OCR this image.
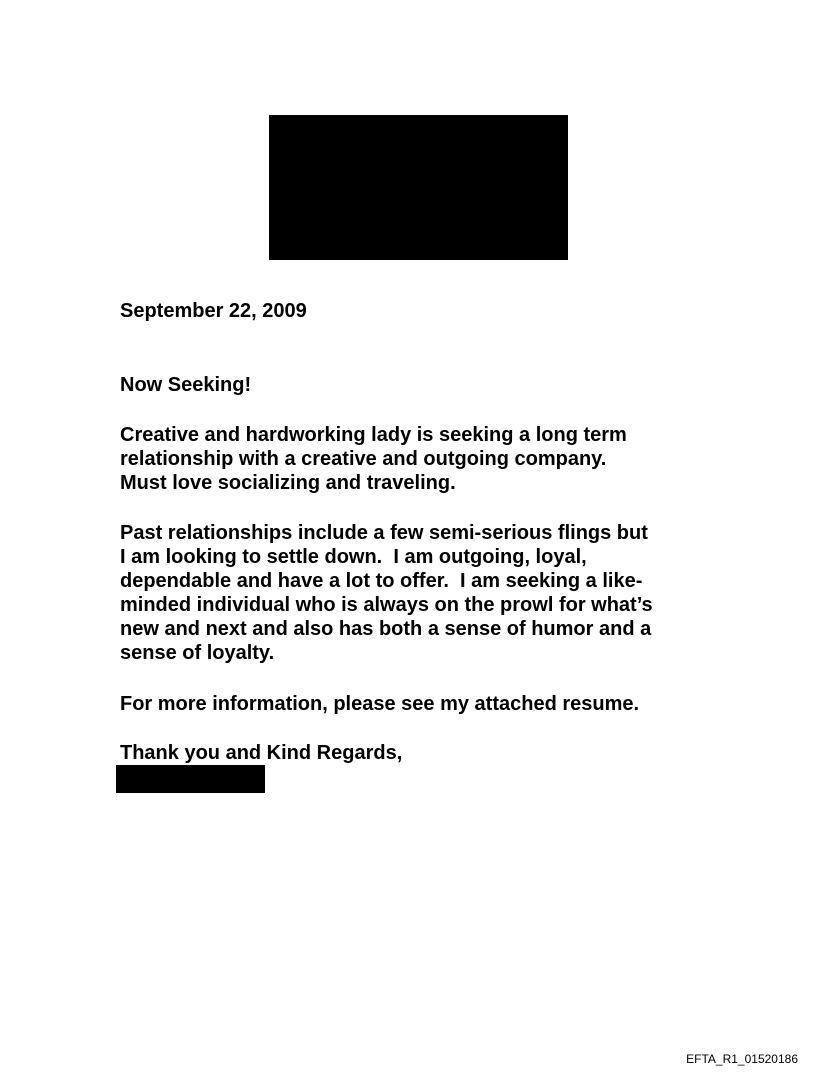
September 22, 2009

Now Seeking!

Creative and hardworking lady is seeking a long term
relationship with a creative and outgoing company.
Must love socializing and traveling.

Past relationships include a few semi-serious flings but
I am looking to settle down.  I am outgoing, loyal,
dependable and have a lot to offer.  I am seeking a like-
minded individual who is always on the prowl for what’s
new and next and also has both a sense of humor and a
sense of loyalty.

For more information, please see my attached resume.

Thank you and Kind Regards,

EFTA_R1_01520186
